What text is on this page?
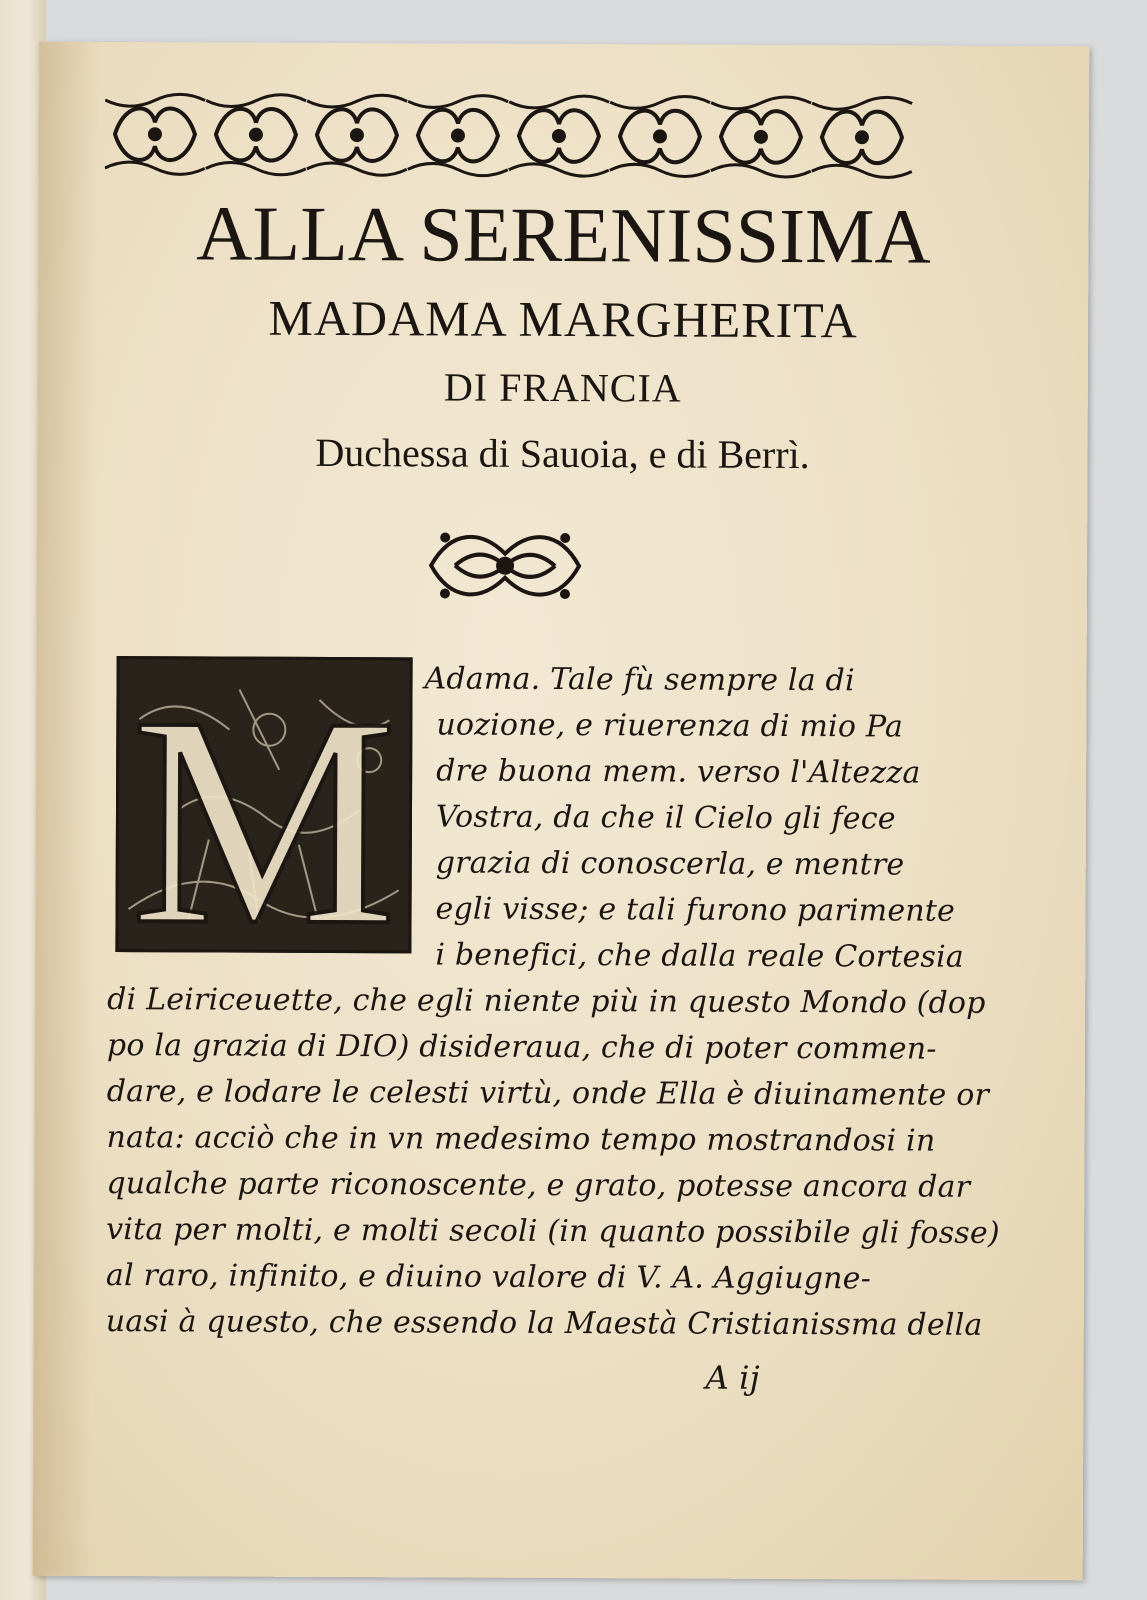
ALLA SERENISSIMA
MADAMA MARGHERITA
DI FRANCIA
Duchessa di Sauoia, e di Berrì.
M Adama. Tale fù sempre la di
uozione, e riuerenza di mio Pa
dre buona mem. verso l'Altezza
Vostra, da che il Cielo gli fece
grazia di conoscerla, e mentre
egli visse; e tali furono parimente
i benefici, che dalla reale Cortesia
di Leiriceuette, che egli niente più in questo Mondo (dop
po la grazia di DIO) disideraua, che di poter commen-
dare, e lodare le celesti virtù, onde Ella è diuinamente or
nata: acciò che in vn medesimo tempo mostrandosi in
qualche parte riconoscente, e grato, potesse ancora dar
vita per molti, e molti secoli (in quanto possibile gli fosse)
al raro, infinito, e diuino valore di V. A. Aggiugne-
uasi à questo, che essendo la Maestà Cristianissma della
A ij
